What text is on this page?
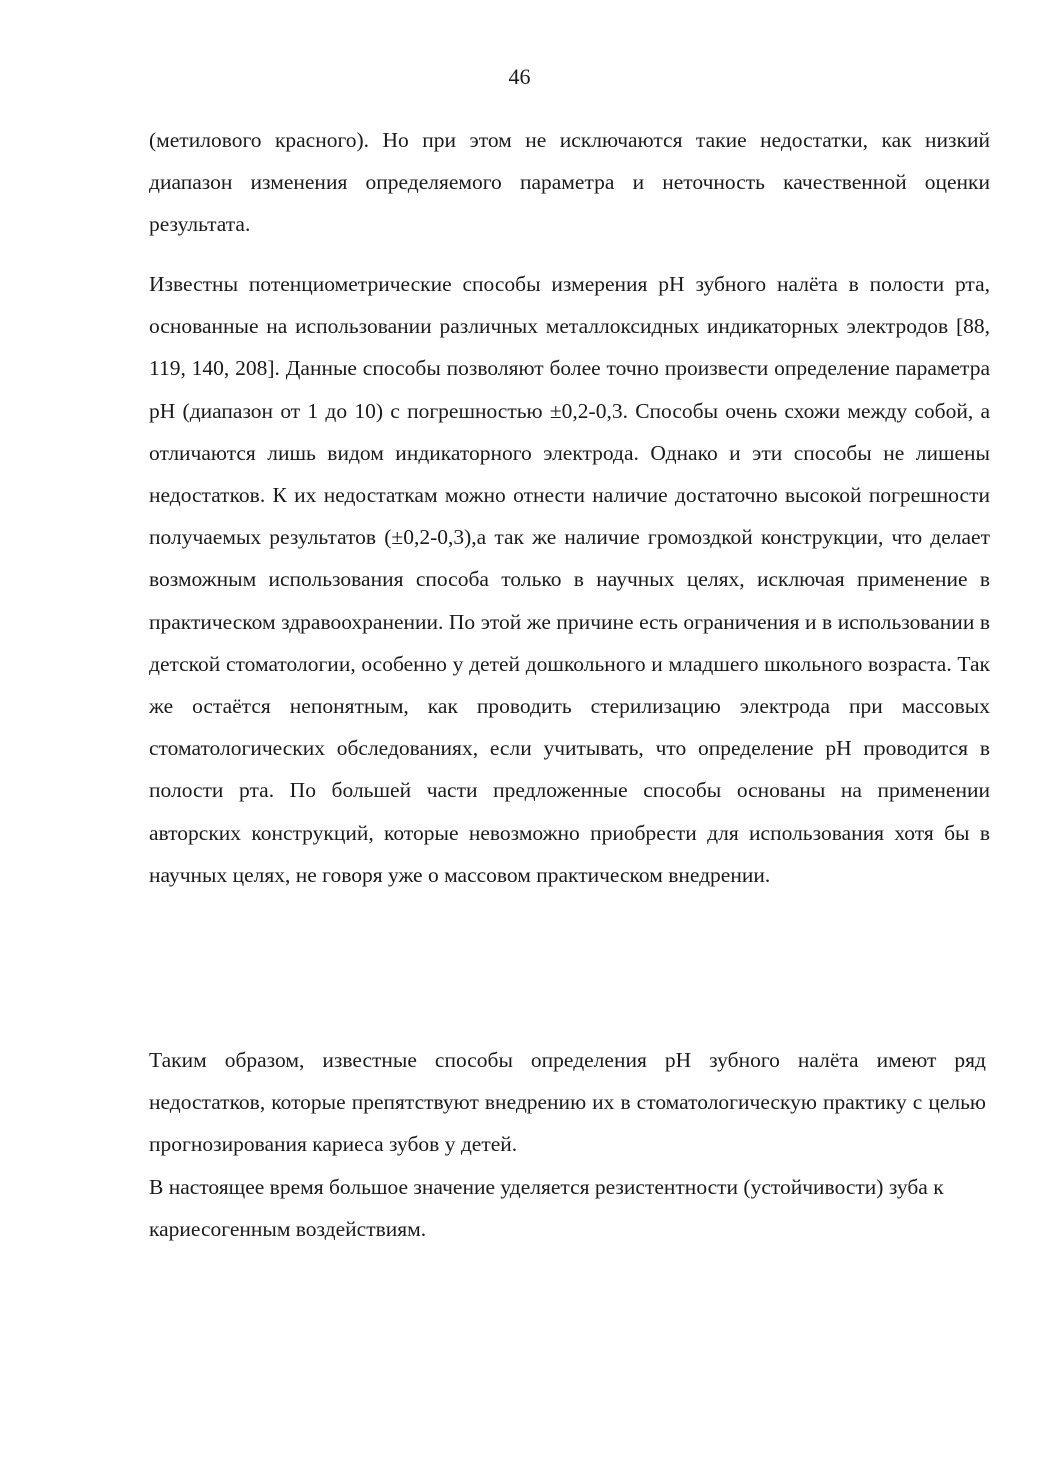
46

(метилового красного). Но при этом не исключаются такие недостатки, как низкий диапазон изменения определяемого параметра и неточность качественной оценки результата.

Известны потенциометрические способы измерения рН зубного налёта в полости рта, основанные на использовании различных металлоксидных индикаторных электродов [88, 119, 140, 208]. Данные способы позволяют более точно произвести определение параметра рН (диапазон от 1 до 10) с погрешностью ±0,2-0,3. Способы очень схожи между собой, а отличаются лишь видом индикаторного электрода. Однако и эти способы не лишены недостатков. К их недостаткам можно отнести наличие достаточно высокой погрешности получаемых результатов (±0,2-0,3),а так же наличие громоздкой конструкции, что делает возможным использования способа только в научных целях, исключая применение в практическом здравоохранении. По этой же причине есть ограничения и в использовании в детской стоматологии, особенно у детей дошкольного и младшего школьного возраста. Так же остаётся непонятным, как проводить стерилизацию электрода при массовых стоматологических обследованиях, если учитывать, что определение рН проводится в полости рта. По большей части предложенные способы основаны на применении авторских конструкций, которые невозможно приобрести для использования хотя бы в научных целях, не говоря уже о массовом практическом внедрении.

Таким образом, известные способы определения рН зубного налёта имеют ряд недостатков, которые препятствуют внедрению их в стоматологическую практику с целью прогнозирования кариеса зубов у детей.

В настоящее время большое значение уделяется резистентности (устойчивости) зуба к кариесогенным воздействиям.
